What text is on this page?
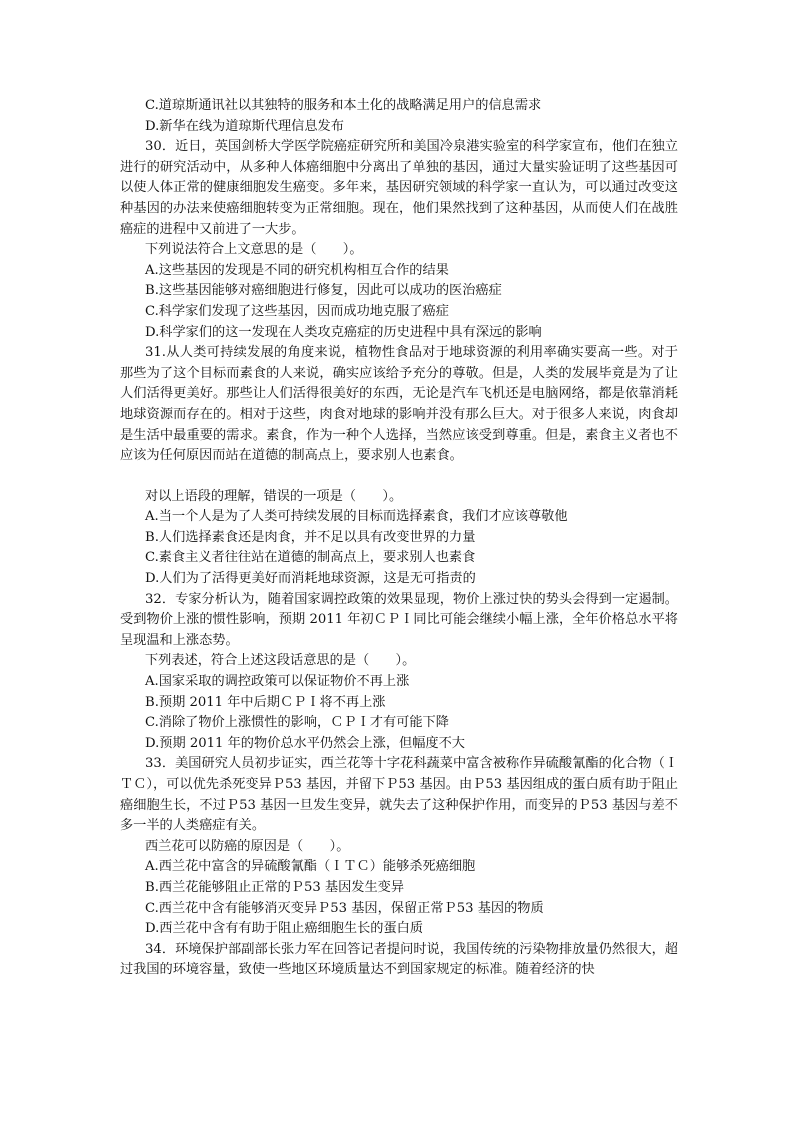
C.道琼斯通讯社以其独特的服务和本土化的战略满足用户的信息需求

D.新华在线为道琼斯代理信息发布

30．近日，英国剑桥大学医学院癌症研究所和美国冷泉港实验室的科学家宣布，他们在独立进行的研究活动中，从多种人体癌细胞中分离出了单独的基因，通过大量实验证明了这些基因可以使人体正常的健康细胞发生癌变。多年来，基因研究领域的科学家一直认为，可以通过改变这种基因的办法来使癌细胞转变为正常细胞。现在，他们果然找到了这种基因，从而使人们在战胜癌症的进程中又前进了一大步。

下列说法符合上文意思的是（　　）。

A.这些基因的发现是不同的研究机构相互合作的结果

B.这些基因能够对癌细胞进行修复，因此可以成功的医治癌症

C.科学家们发现了这些基因，因而成功地克服了癌症

D.科学家们的这一发现在人类攻克癌症的历史进程中具有深远的影响

31.从人类可持续发展的角度来说，植物性食品对于地球资源的利用率确实要高一些。对于那些为了这个目标而素食的人来说，确实应该给予充分的尊敬。但是，人类的发展毕竟是为了让人们活得更美好。那些让人们活得很美好的东西，无论是汽车飞机还是电脑网络，都是依靠消耗地球资源而存在的。相对于这些，肉食对地球的影响并没有那么巨大。对于很多人来说，肉食却是生活中最重要的需求。素食，作为一种个人选择，当然应该受到尊重。但是，素食主义者也不应该为任何原因而站在道德的制高点上，要求别人也素食。

对以上语段的理解，错误的一项是（　　）。

A.当一个人是为了人类可持续发展的目标而选择素食，我们才应该尊敬他

B.人们选择素食还是肉食，并不足以具有改变世界的力量

C.素食主义者往往站在道德的制高点上，要求别人也素食

D.人们为了活得更美好而消耗地球资源，这是无可指责的

32．专家分析认为，随着国家调控政策的效果显现，物价上涨过快的势头会得到一定遏制。受到物价上涨的惯性影响，预期 2011 年初ＣＰＩ同比可能会继续小幅上涨，全年价格总水平将呈现温和上涨态势。

下列表述，符合上述这段话意思的是（　　）。

A.国家采取的调控政策可以保证物价不再上涨

B.预期 2011 年中后期ＣＰＩ将不再上涨

C.消除了物价上涨惯性的影响，ＣＰＩ才有可能下降

D.预期 2011 年的物价总水平仍然会上涨，但幅度不大

33．美国研究人员初步证实，西兰花等十字花科蔬菜中富含被称作异硫酸氰酯的化合物（ＩＴＣ），可以优先杀死变异Ｐ53 基因，并留下Ｐ53 基因。由Ｐ53 基因组成的蛋白质有助于阻止癌细胞生长，不过Ｐ53 基因一旦发生变异，就失去了这种保护作用，而变异的Ｐ53 基因与差不多一半的人类癌症有关。

西兰花可以防癌的原因是（　　）。

A.西兰花中富含的异硫酸氰酯（ＩＴＣ）能够杀死癌细胞

B.西兰花能够阻止正常的Ｐ53 基因发生变异

C.西兰花中含有能够消灭变异Ｐ53 基因，保留正常Ｐ53 基因的物质

D.西兰花中含有有助于阻止癌细胞生长的蛋白质

34．环境保护部副部长张力军在回答记者提问时说，我国传统的污染物排放量仍然很大，超过我国的环境容量，致使一些地区环境质量达不到国家规定的标准。随着经济的快
